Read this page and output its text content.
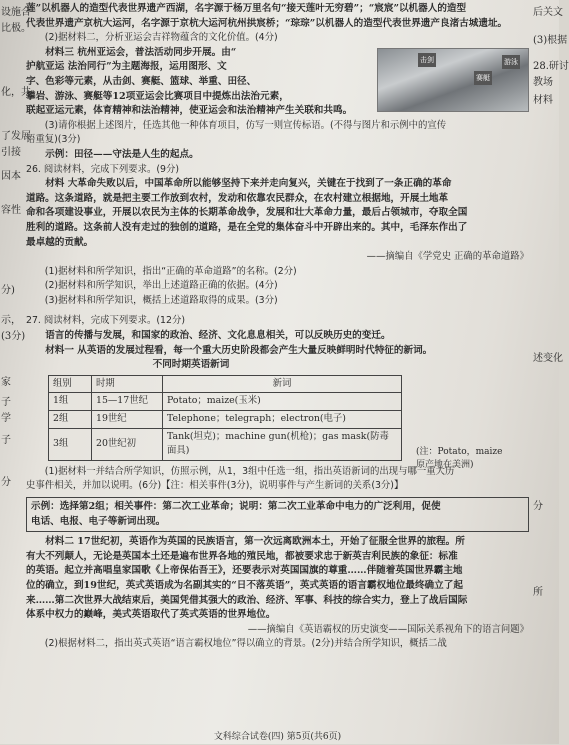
设施合
比极。
化，共
了发展
引接
因本
容性
分)
示，
(3分)
家
子
子
学
分
后关文
(3)根据
28.研讨
教场
材料
述变化
分
所

莲”以机器人的造型代表世界遗产西湖，名字源于杨万里名句“接天莲叶无穷碧”；“宸宸”以机器人的造型

代表世界遗产京杭大运河，名字源于京杭大运河杭州拱宸桥；“琮琮”以机器人的造型代表世界遗产良渚古城遗址。

(2)据材料二，分析亚运会吉祥物蕴含的文化价值。(4分)

击剑
赛艇
游泳

材料三 杭州亚运会，普法活动同步开展。由“

护航亚运 法治同行”为主题海报，运用图形、文

字、色彩等元素，从击剑、赛艇、篮球、举重、田径、

攀岩、游泳、赛艇等12项亚运会比赛项目中提炼出法治元素，

联起亚运元素，体育精神和法治精神，使亚运会和法治精神产生关联和共鸣。

(3)请你根据上述图片，任选其他一种体育项目，仿写一则宣传标语。(不得与图片和示例中的宣传

语重复)(3分)

示例：田径——守法是人生的起点。

26. 阅读材料，完成下列要求。(9分)

材料 大革命失败以后，中国革命所以能够坚持下来并走向复兴，关键在于找到了一条正确的革命

道路。这条道路，就是把主要工作放到农村，发动和依靠农民群众，在农村建立根据地，开展土地革

命和各项建设事业，开展以农民为主体的长期革命战争，发展和壮大革命力量，最后占领城市，夺取全国

胜利的道路。这条前人没有走过的独创的道路，是在全党的集体奋斗中开辟出来的。其中，毛泽东作出了

最卓越的贡献。

——摘编自《学党史 正确的革命道路》

(1)据材料和所学知识，指出“正确的革命道路”的名称。(2分)

(2)据材料和所学知识，举出上述道路正确的依据。(4分)

(3)据材料和所学知识，概括上述道路取得的成果。(3分)

27. 阅读材料，完成下列要求。(12分)

语言的传播与发展，和国家的政治、经济、文化息息相关，可以反映历史的变迁。

材料一 从英语的发展过程看，每一个重大历史阶段都会产生大量反映鲜明时代特征的新词。

不同时期英语新词

组别	时期	新词
1组	15—17世纪	Potato；maize(玉米)
2组	19世纪	Telephone；telegraph；electron(电子)
3组	20世纪初	Tank(坦克)；machine gun(机枪)；gas mask(防毒面具)	(注：Potato，maize
原产地在美洲)

(1)据材料一并结合所学知识，仿照示例，从1，3组中任选一组，指出英语新词的出现与哪一重大历

史事件相关，并加以说明。(6分)【注：相关事件(3分)，说明事件与产生新词的关系(3分)】

示例：选择第2组；相关事件：第二次工业革命；说明：第二次工业革命中电力的广泛利用，促使

电话、电报、电子等新词出现。

材料二 17世纪初，英语作为英国的民族语言，第一次远离欧洲本土，开始了征服全世界的旅程。所

有大不列颠人，无论是英国本土还是遍布世界各地的殖民地，都被要求忠于新英吉利民族的象征：标准

的英语。起立并高唱皇家国歌《上帝保佑吾王》，还要表示对英国国旗的尊重……伴随着英国世界霸主地

位的确立，到19世纪，英式英语成为名副其实的“日不落英语”，英式英语的语言霸权地位最终确立了起

来……第二次世界大战结束后，美国凭借其强大的政治、经济、军事、科技的综合实力，登上了战后国际

体系中权力的巅峰，美式英语取代了英式英语的世界地位。

——摘编自《英语霸权的历史演变——国际关系视角下的语言问题》

(2)根据材料二，指出英式英语“语言霸权地位”得以确立的背景。(2分)并结合所学知识，概括二战

文科综合试卷(四) 第5页(共6页)
